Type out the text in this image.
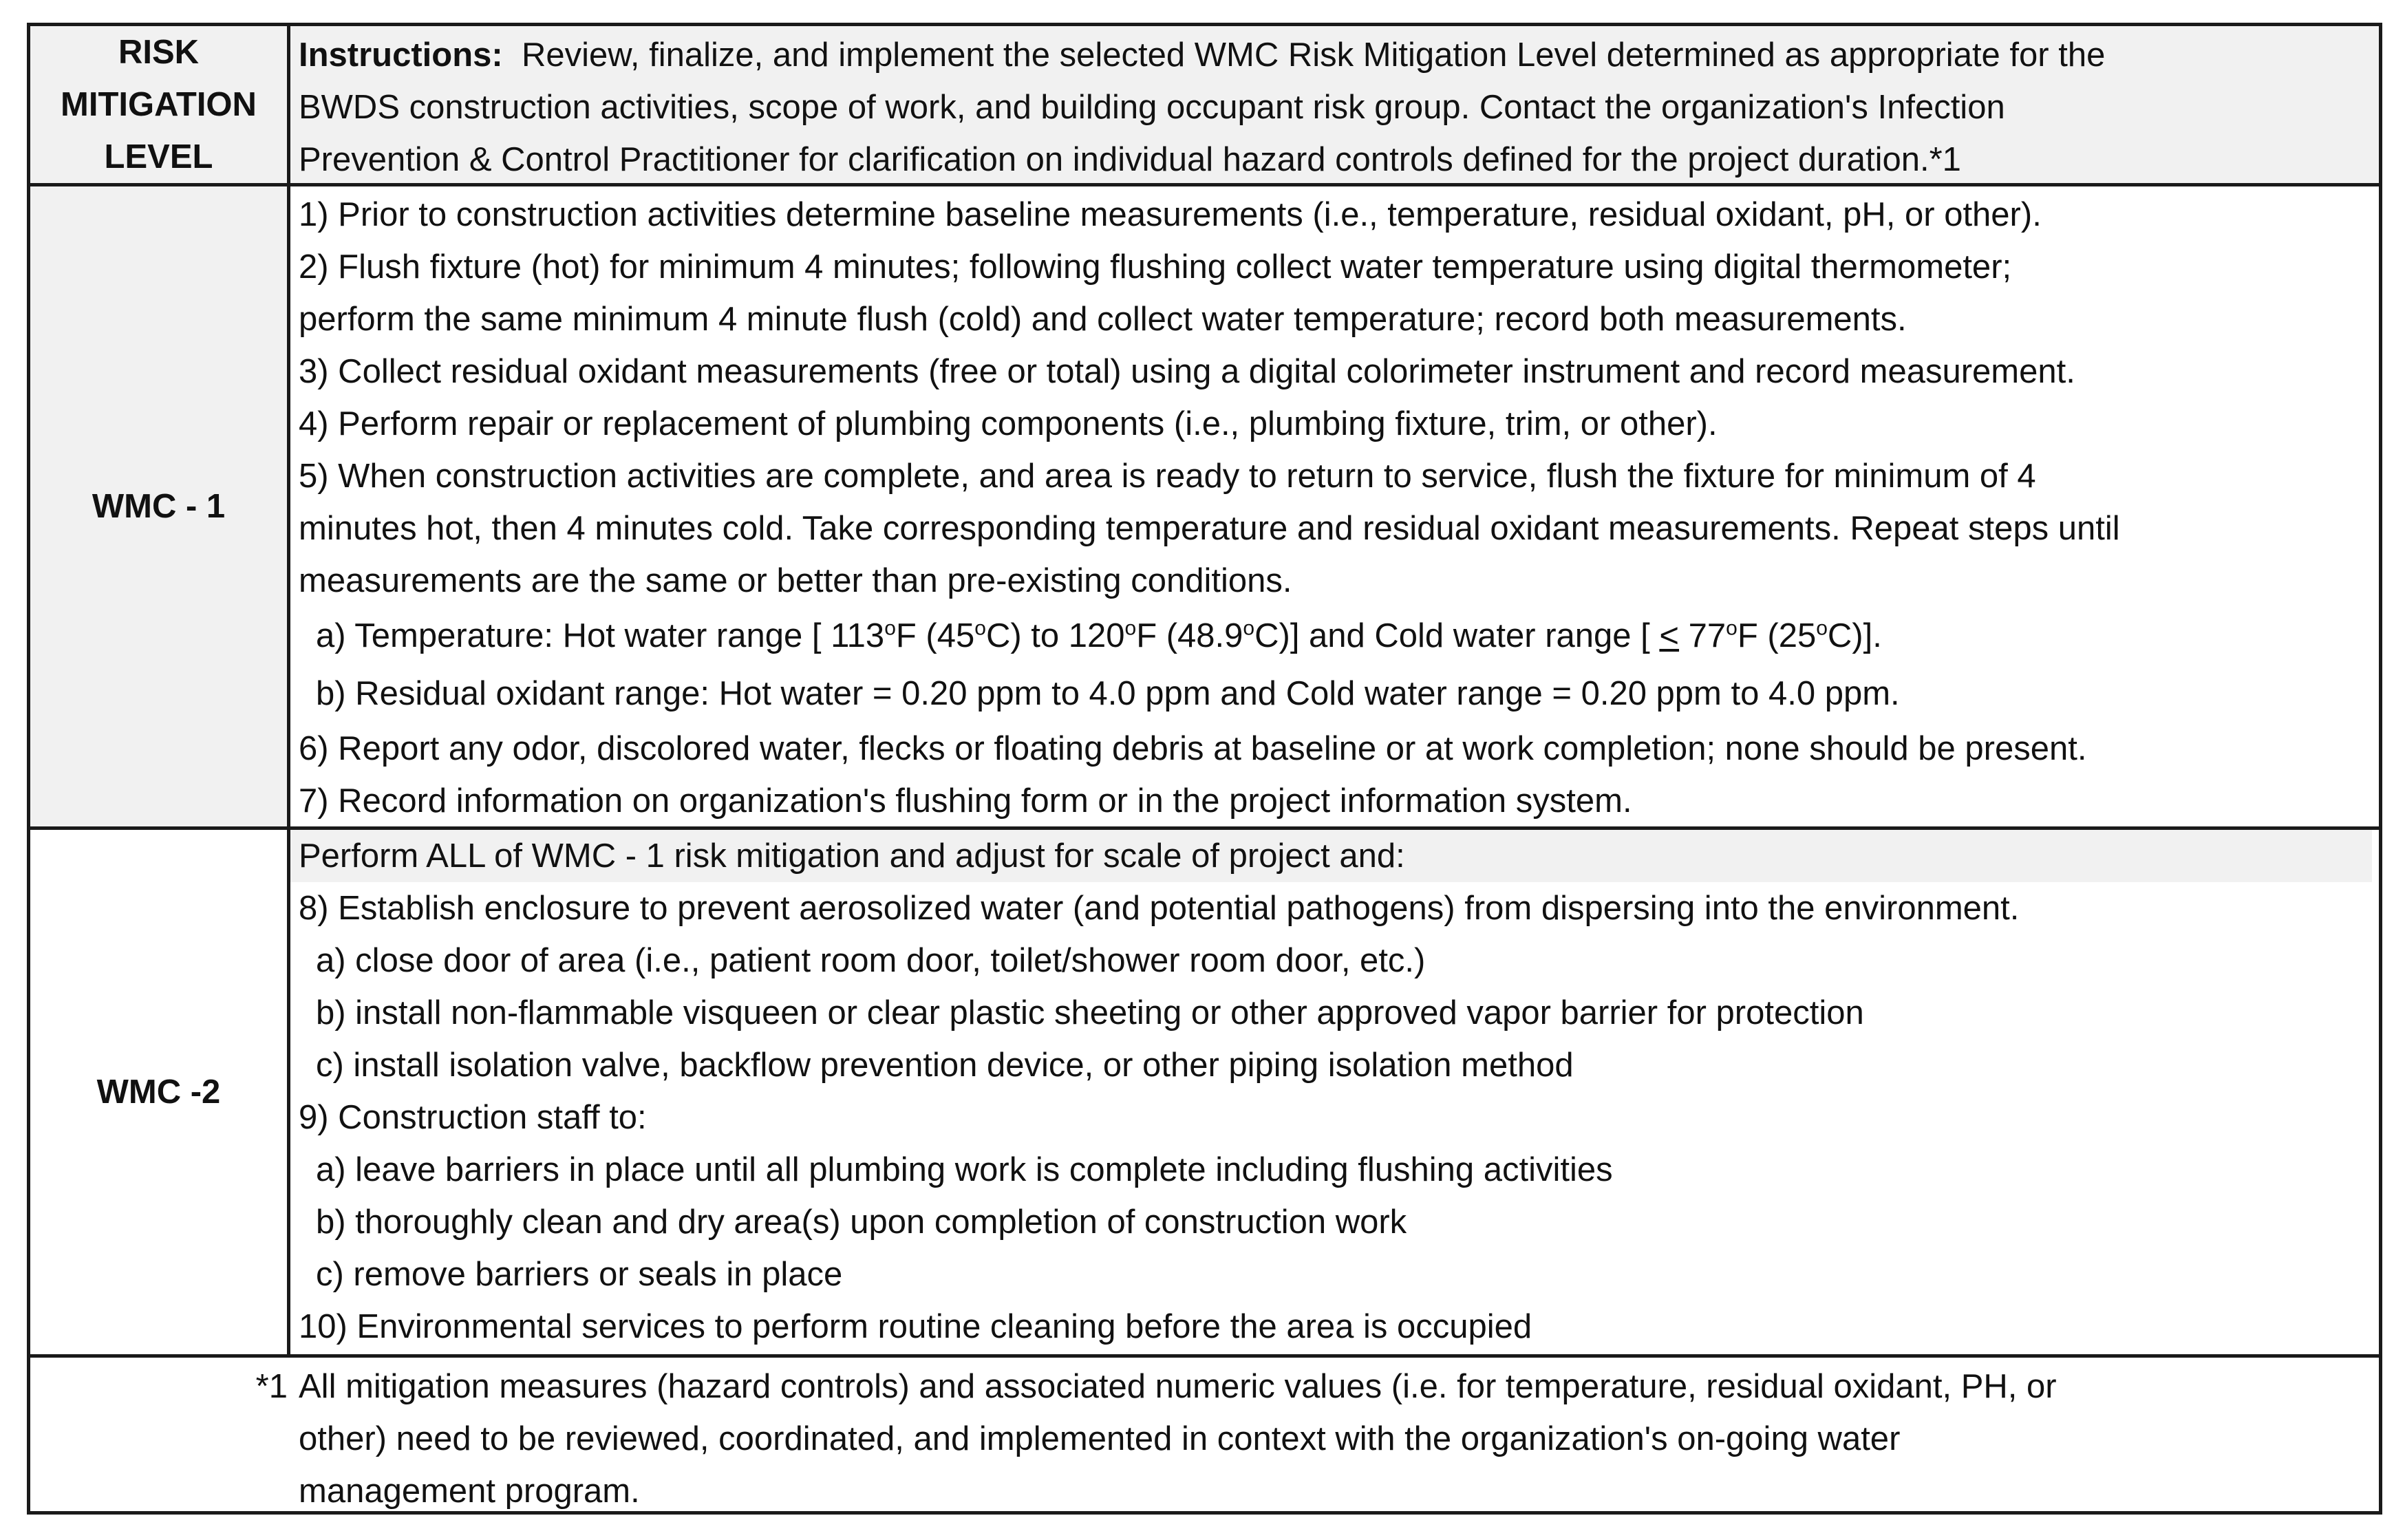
RISK MITIGATION LEVEL
Instructions:  Review, finalize, and implement the selected WMC Risk Mitigation Level determined as appropriate for the
BWDS construction activities, scope of work, and building occupant risk group. Contact the organization's Infection
Prevention & Control Practitioner for clarification on individual hazard controls defined for the project duration.*1
WMC - 1
1) Prior to construction activities determine baseline measurements (i.e., temperature, residual oxidant, pH, or other).
2) Flush fixture (hot) for minimum 4 minutes; following flushing collect water temperature using digital thermometer;
perform the same minimum 4 minute flush (cold) and collect water temperature; record both measurements.
3) Collect residual oxidant measurements (free or total) using a digital colorimeter instrument and record measurement.
4) Perform repair or replacement of plumbing components (i.e., plumbing fixture, trim, or other).
5) When construction activities are complete, and area is ready to return to service, flush the fixture for minimum of 4
minutes hot, then 4 minutes cold. Take corresponding temperature and residual oxidant measurements. Repeat steps until
measurements are the same or better than pre-existing conditions.
a) Temperature: Hot water range [ 113$^o$F (45$^o$C) to 120$^o$F (48.9$^o$C)] and Cold water range [ ≤ $77^oF$ (25$^o$C)].
b) Residual oxidant range: Hot water = 0.20 ppm to 4.0 ppm and Cold water range = 0.20 ppm to 4.0 ppm.
6) Report any odor, discolored water, flecks or floating debris at baseline or at work completion; none should be present.
7) Record information on organization's flushing form or in the project information system.
WMC -2
Perform ALL of WMC - 1 risk mitigation and adjust for scale of project and:
8) Establish enclosure to prevent aerosolized water (and potential pathogens) from dispersing into the environment.
a) close door of area (i.e., patient room door, toilet/shower room door, etc.)
b) install non-flammable visqueen or clear plastic sheeting or other approved vapor barrier for protection
c) install isolation valve, backflow prevention device, or other piping isolation method
9) Construction staff to:
a) leave barriers in place until all plumbing work is complete including flushing activities
b) thoroughly clean and dry area(s) upon completion of construction work
c) remove barriers or seals in place
10) Environmental services to perform routine cleaning before the area is occupied
*1 All mitigation measures (hazard controls) and associated numeric values (i.e. for temperature, residual oxidant, PH, or
other) need to be reviewed, coordinated, and implemented in context with the organization's on-going water
management program.
